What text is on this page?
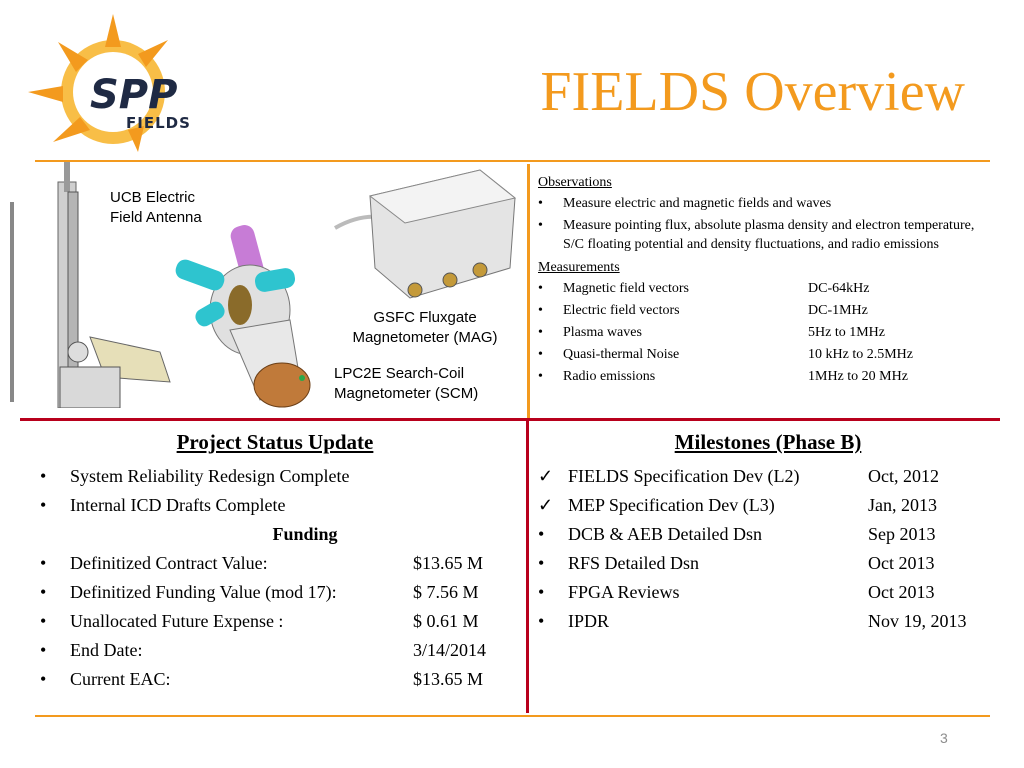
SPP
FIELDS	FIELDS Overview
UCB Electric
Field Antenna
GSFC Fluxgate
Magnetometer (MAG)
LPC2E Search-Coil
Magnetometer (SCM)

Observations

• Measure electric and magnetic fields and waves
• Measure pointing flux, absolute plasma density and electron temperature, S/C floating potential and density fluctuations, and radio emissions

Measurements

• Magnetic field vectors	DC-64kHz
• Electric field vectors	DC-1MHz
• Plasma waves	5Hz to 1MHz
• Quasi-thermal Noise	10 kHz to 2.5MHz
• Radio emissions	1MHz to 20 MHz
Project Status Update
• System Reliability Redesign Complete
• Internal ICD Drafts Complete
Funding
• Definitized Contract Value:	$13.65 M
• Definitized Funding Value (mod 17):	$ 7.56 M
• Unallocated Future Expense :	$ 0.61 M
• End Date:	3/14/2014
• Current EAC:	$13.65 M
Milestones (Phase B)
✓ FIELDS Specification Dev (L2)	Oct, 2012
✓ MEP Specification Dev (L3)	Jan, 2013
• DCB & AEB Detailed Dsn	Sep 2013
• RFS Detailed Dsn	Oct 2013
• FPGA Reviews	Oct 2013
• IPDR	Nov 19, 2013
3
